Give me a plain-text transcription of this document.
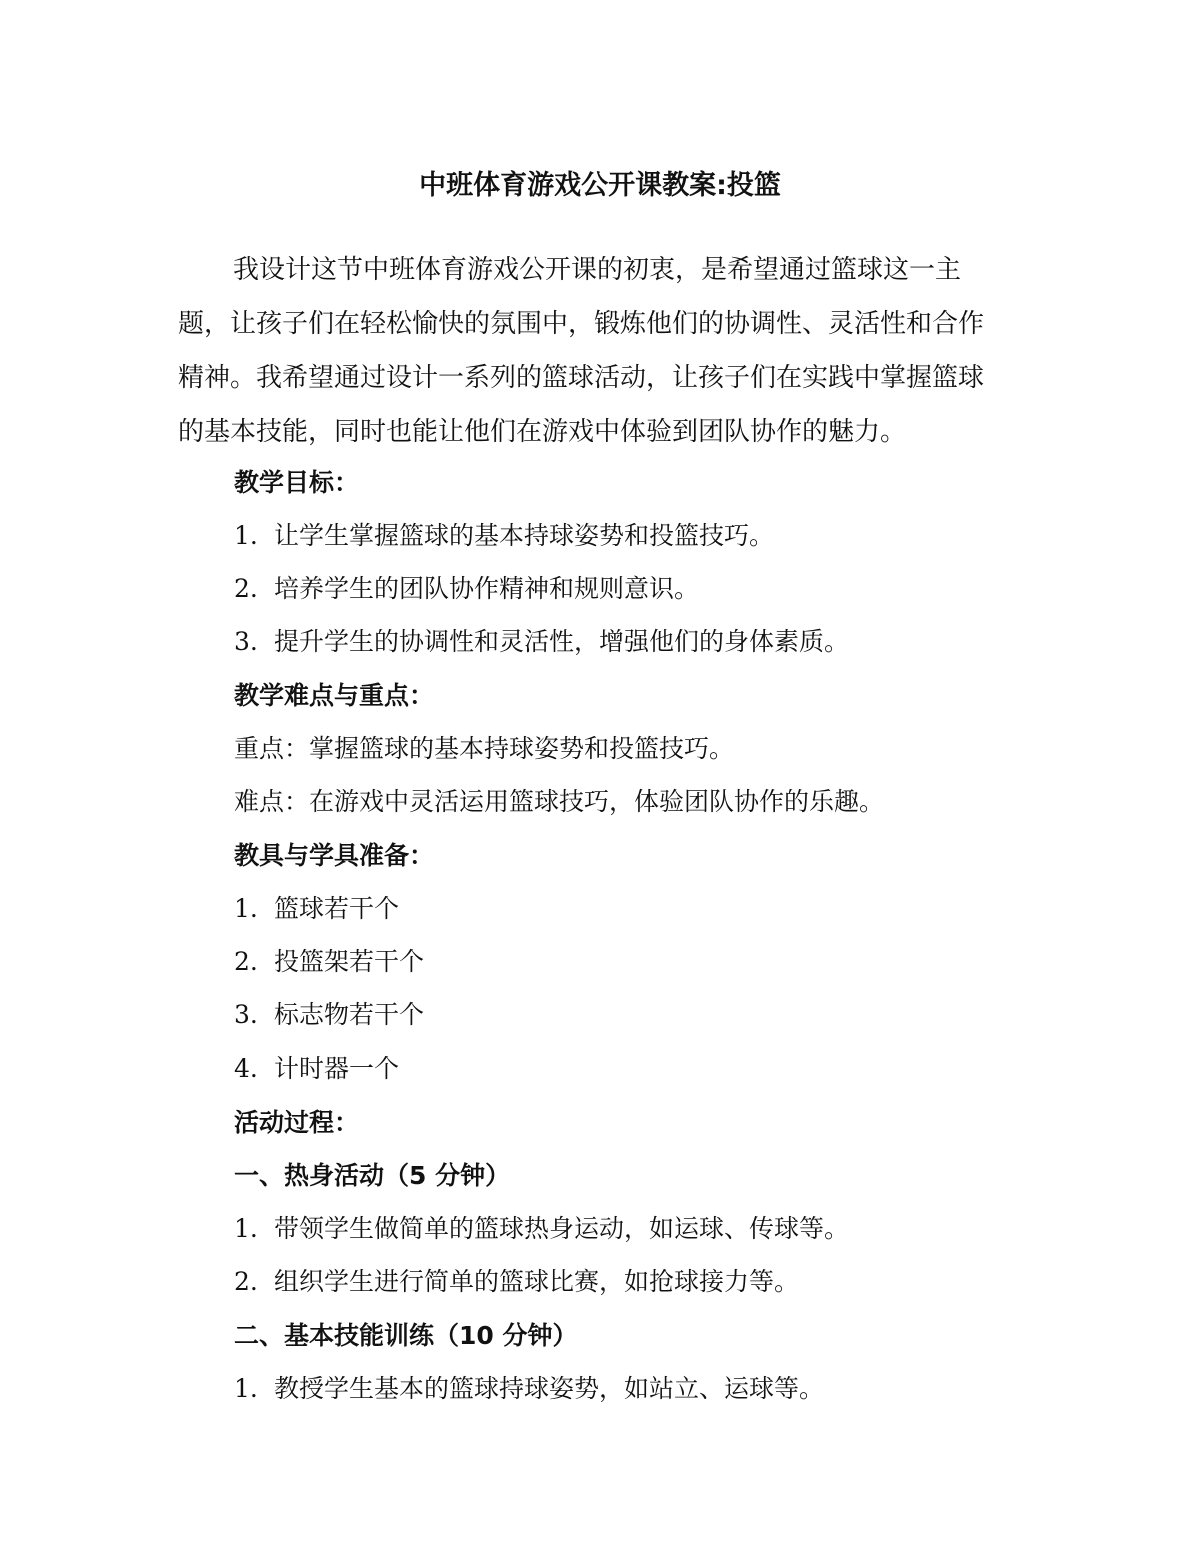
中班体育游戏公开课教案:投篮

我设计这节中班体育游戏公开课的初衷，是希望通过篮球这一主题，让孩子们在轻松愉快的氛围中，锻炼他们的协调性、灵活性和合作精神。我希望通过设计一系列的篮球活动，让孩子们在实践中掌握篮球的基本技能，同时也能让他们在游戏中体验到团队协作的魅力。

教学目标：

1. 让学生掌握篮球的基本持球姿势和投篮技巧。

2. 培养学生的团队协作精神和规则意识。

3. 提升学生的协调性和灵活性，增强他们的身体素质。

教学难点与重点：

重点：掌握篮球的基本持球姿势和投篮技巧。

难点：在游戏中灵活运用篮球技巧，体验团队协作的乐趣。

教具与学具准备：

1. 篮球若干个

2. 投篮架若干个

3. 标志物若干个

4. 计时器一个

活动过程：

一、热身活动（5 分钟）

1. 带领学生做简单的篮球热身运动，如运球、传球等。

2. 组织学生进行简单的篮球比赛，如抢球接力等。

二、基本技能训练（10 分钟）

1. 教授学生基本的篮球持球姿势，如站立、运球等。
